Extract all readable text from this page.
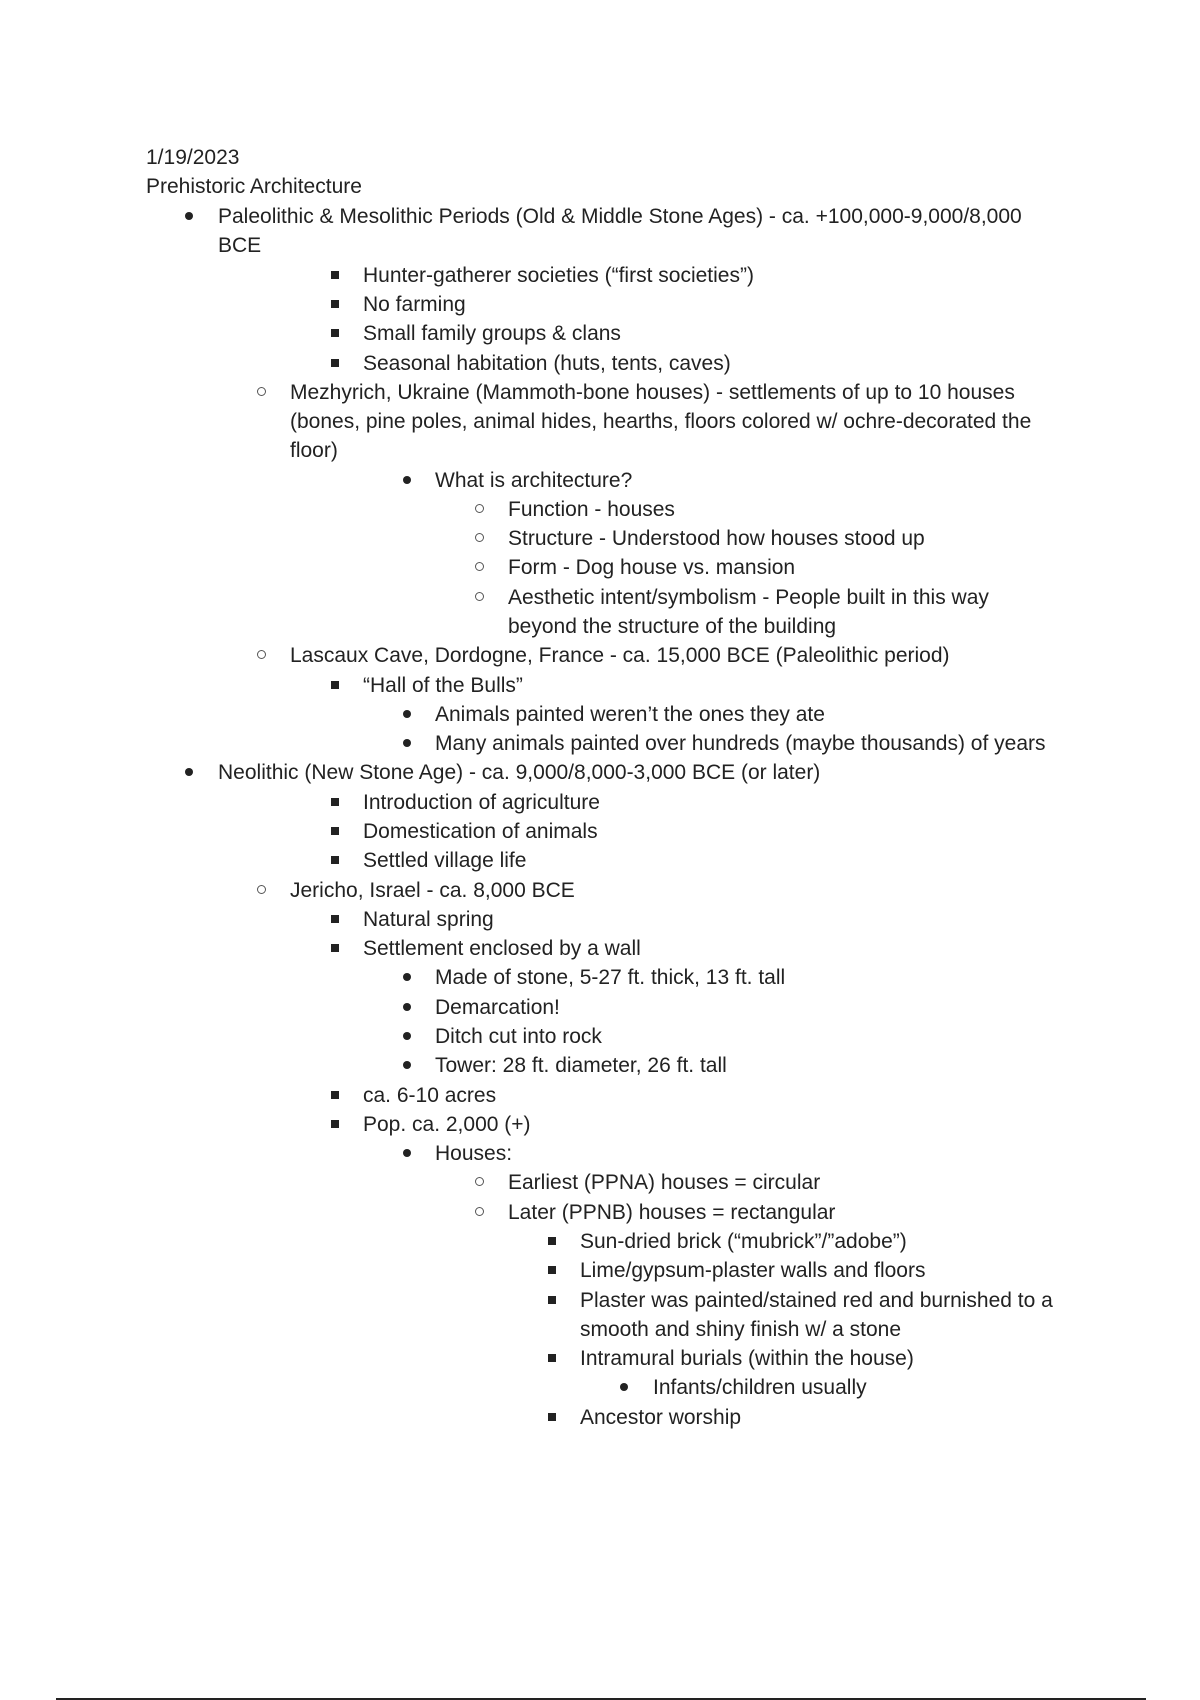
1/19/2023
Prehistoric Architecture
Paleolithic & Mesolithic Periods (Old & Middle Stone Ages) - ca. +100,000-9,000/8,000
BCE
Hunter-gatherer societies (“first societies”)
No farming
Small family groups & clans
Seasonal habitation (huts, tents, caves)
Mezhyrich, Ukraine (Mammoth-bone houses) - settlements of up to 10 houses
(bones, pine poles, animal hides, hearths, floors colored w/ ochre-decorated the
floor)
What is architecture?
Function - houses
Structure - Understood how houses stood up
Form - Dog house vs. mansion
Aesthetic intent/symbolism - People built in this way
beyond the structure of the building
Lascaux Cave, Dordogne, France - ca. 15,000 BCE (Paleolithic period)
“Hall of the Bulls”
Animals painted weren’t the ones they ate
Many animals painted over hundreds (maybe thousands) of years
Neolithic (New Stone Age) - ca. 9,000/8,000-3,000 BCE (or later)
Introduction of agriculture
Domestication of animals
Settled village life
Jericho, Israel - ca. 8,000 BCE
Natural spring
Settlement enclosed by a wall
Made of stone, 5-27 ft. thick, 13 ft. tall
Demarcation!
Ditch cut into rock
Tower: 28 ft. diameter, 26 ft. tall
ca. 6-10 acres
Pop. ca. 2,000 (+)
Houses:
Earliest (PPNA) houses = circular
Later (PPNB) houses = rectangular
Sun-dried brick (“mubrick”/”adobe”)
Lime/gypsum-plaster walls and floors
Plaster was painted/stained red and burnished to a
smooth and shiny finish w/ a stone
Intramural burials (within the house)
Infants/children usually
Ancestor worship
